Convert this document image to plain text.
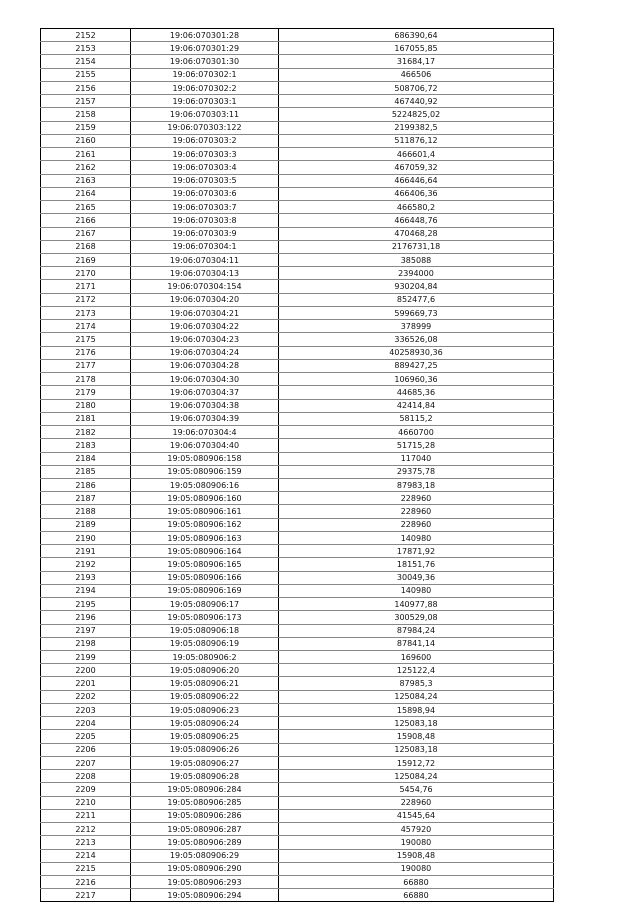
2152	19:06:070301:28	686390,64
2153	19:06:070301:29	167055,85
2154	19:06:070301:30	31684,17
2155	19:06:070302:1	466506
2156	19:06:070302:2	508706,72
2157	19:06:070303:1	467440,92
2158	19:06:070303:11	5224825,02
2159	19:06:070303:122	2199382,5
2160	19:06:070303:2	511876,12
2161	19:06:070303:3	466601,4
2162	19:06:070303:4	467059,32
2163	19:06:070303:5	466446,64
2164	19:06:070303:6	466406,36
2165	19:06:070303:7	466580,2
2166	19:06:070303:8	466448,76
2167	19:06:070303:9	470468,28
2168	19:06:070304:1	2176731,18
2169	19:06:070304:11	385088
2170	19:06:070304:13	2394000
2171	19:06:070304:154	930204,84
2172	19:06:070304:20	852477,6
2173	19:06:070304:21	599669,73
2174	19:06:070304:22	378999
2175	19:06:070304:23	336526,08
2176	19:06:070304:24	40258930,36
2177	19:06:070304:28	889427,25
2178	19:06:070304:30	106960,36
2179	19:06:070304:37	44685,36
2180	19:06:070304:38	42414,84
2181	19:06:070304:39	58115,2
2182	19:06:070304:4	4660700
2183	19:06:070304:40	51715,28
2184	19:05:080906:158	117040
2185	19:05:080906:159	29375,78
2186	19:05:080906:16	87983,18
2187	19:05:080906:160	228960
2188	19:05:080906:161	228960
2189	19:05:080906:162	228960
2190	19:05:080906:163	140980
2191	19:05:080906:164	17871,92
2192	19:05:080906:165	18151,76
2193	19:05:080906:166	30049,36
2194	19:05:080906:169	140980
2195	19:05:080906:17	140977,88
2196	19:05:080906:173	300529,08
2197	19:05:080906:18	87984,24
2198	19:05:080906:19	87841,14
2199	19:05:080906:2	169600
2200	19:05:080906:20	125122,4
2201	19:05:080906:21	87985,3
2202	19:05:080906:22	125084,24
2203	19:05:080906:23	15898,94
2204	19:05:080906:24	125083,18
2205	19:05:080906:25	15908,48
2206	19:05:080906:26	125083,18
2207	19:05:080906:27	15912,72
2208	19:05:080906:28	125084,24
2209	19:05:080906:284	5454,76
2210	19:05:080906:285	228960
2211	19:05:080906:286	41545,64
2212	19:05:080906:287	457920
2213	19:05:080906:289	190080
2214	19:05:080906:29	15908,48
2215	19:05:080906:290	190080
2216	19:05:080906:293	66880
2217	19:05:080906:294	66880
